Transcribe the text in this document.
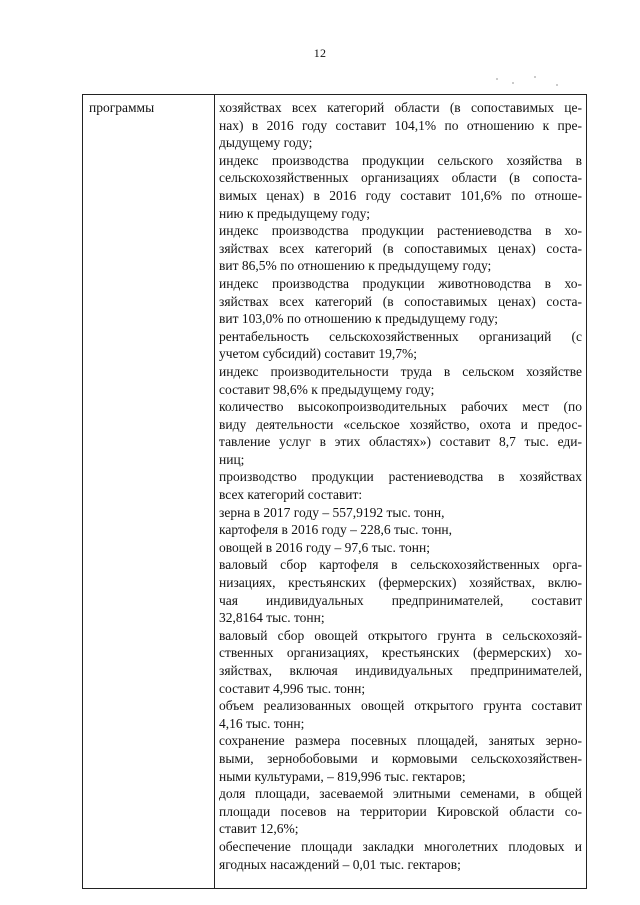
12
программы	хозяйствах всех категорий области (в сопоставимых це-
нах) в 2016 году составит 104,1% по отношению к пре-
дыдущему году;
индекс производства продукции сельского хозяйства в
сельскохозяйственных организациях области (в сопоста-
вимых ценах) в 2016 году составит 101,6% по отноше-
нию к предыдущему году;
индекс производства продукции растениеводства в хо-
зяйствах всех категорий (в сопоставимых ценах) соста-
вит 86,5% по отношению к предыдущему году;
индекс производства продукции животноводства в хо-
зяйствах всех категорий (в сопоставимых ценах) соста-
вит 103,0% по отношению к предыдущему году;
рентабельность сельскохозяйственных организаций (с
учетом субсидий) составит 19,7%;
индекс производительности труда в сельском хозяйстве
составит 98,6% к предыдущему году;
количество высокопроизводительных рабочих мест (по
виду деятельности «сельское хозяйство, охота и предос-
тавление услуг в этих областях») составит 8,7 тыс. еди-
ниц;
производство продукции растениеводства в хозяйствах
всех категорий составит:
зерна в 2017 году – 557,9192 тыс. тонн,
картофеля в 2016 году – 228,6 тыс. тонн,
овощей в 2016 году – 97,6 тыс. тонн;
валовый сбор картофеля в сельскохозяйственных орга-
низациях, крестьянских (фермерских) хозяйствах, вклю-
чая индивидуальных предпринимателей, составит
32,8164 тыс. тонн;
валовый сбор овощей открытого грунта в сельскохозяй-
ственных организациях, крестьянских (фермерских) хо-
зяйствах, включая индивидуальных предпринимателей,
составит 4,996 тыс. тонн;
объем реализованных овощей открытого грунта составит
4,16 тыс. тонн;
сохранение размера посевных площадей, занятых зерно-
выми, зернобобовыми и кормовыми сельскохозяйствен-
ными культурами, – 819,996 тыс. гектаров;
доля площади, засеваемой элитными семенами, в общей
площади посевов на территории Кировской области со-
ставит 12,6%;
обеспечение площади закладки многолетних плодовых и
ягодных насаждений – 0,01 тыс. гектаров;
